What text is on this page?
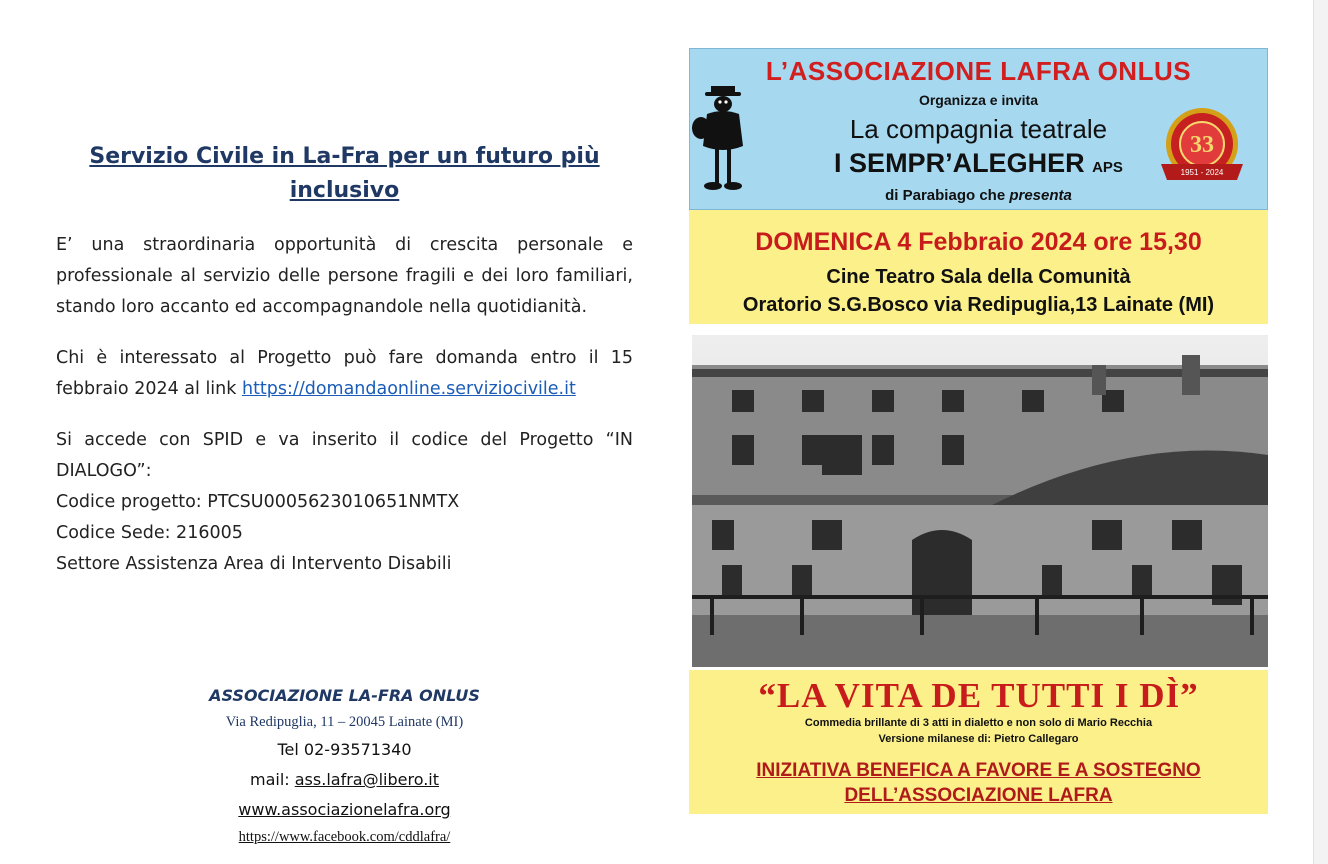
Servizio Civile in La-Fra per un futuro più inclusivo
E’ una straordinaria opportunità di crescita personale e professionale al servizio delle persone fragili e dei loro familiari, stando loro accanto ed accompagnandole nella quotidianità.
Chi è interessato al Progetto può fare domanda entro il 15 febbraio 2024 al link https://domandaonline.serviziocivile.it
Si accede con SPID e va inserito il codice del Progetto “IN DIALOGO”:
Codice progetto: PTCSU0005623010651NMTX
Codice Sede: 216005
Settore Assistenza Area di Intervento Disabili
ASSOCIAZIONE LA-FRA ONLUS
Via Redipuglia, 11 – 20045 Lainate (MI)
Tel 02-93571340
mail: ass.lafra@libero.it
www.associazionelafra.org
https://www.facebook.com/cddlafra/
L’ASSOCIAZIONE LAFRA ONLUS
Organizza e invita
La compagnia teatrale
I SEMPR’ALEGHER APS
di Parabiago che presenta
1951 - 2024
33
DOMENICA 4 Febbraio 2024 ore 15,30
Cine Teatro Sala della Comunità
Oratorio S.G.Bosco via Redipuglia,13 Lainate (MI)
“LA VITA DE TUTTI I DÌ”
Commedia brillante di 3 atti in dialetto e non solo di Mario Recchia
Versione milanese di: Pietro Callegaro
INIZIATIVA BENEFICA A FAVORE E A SOSTEGNO
DELL’ASSOCIAZIONE LAFRA
